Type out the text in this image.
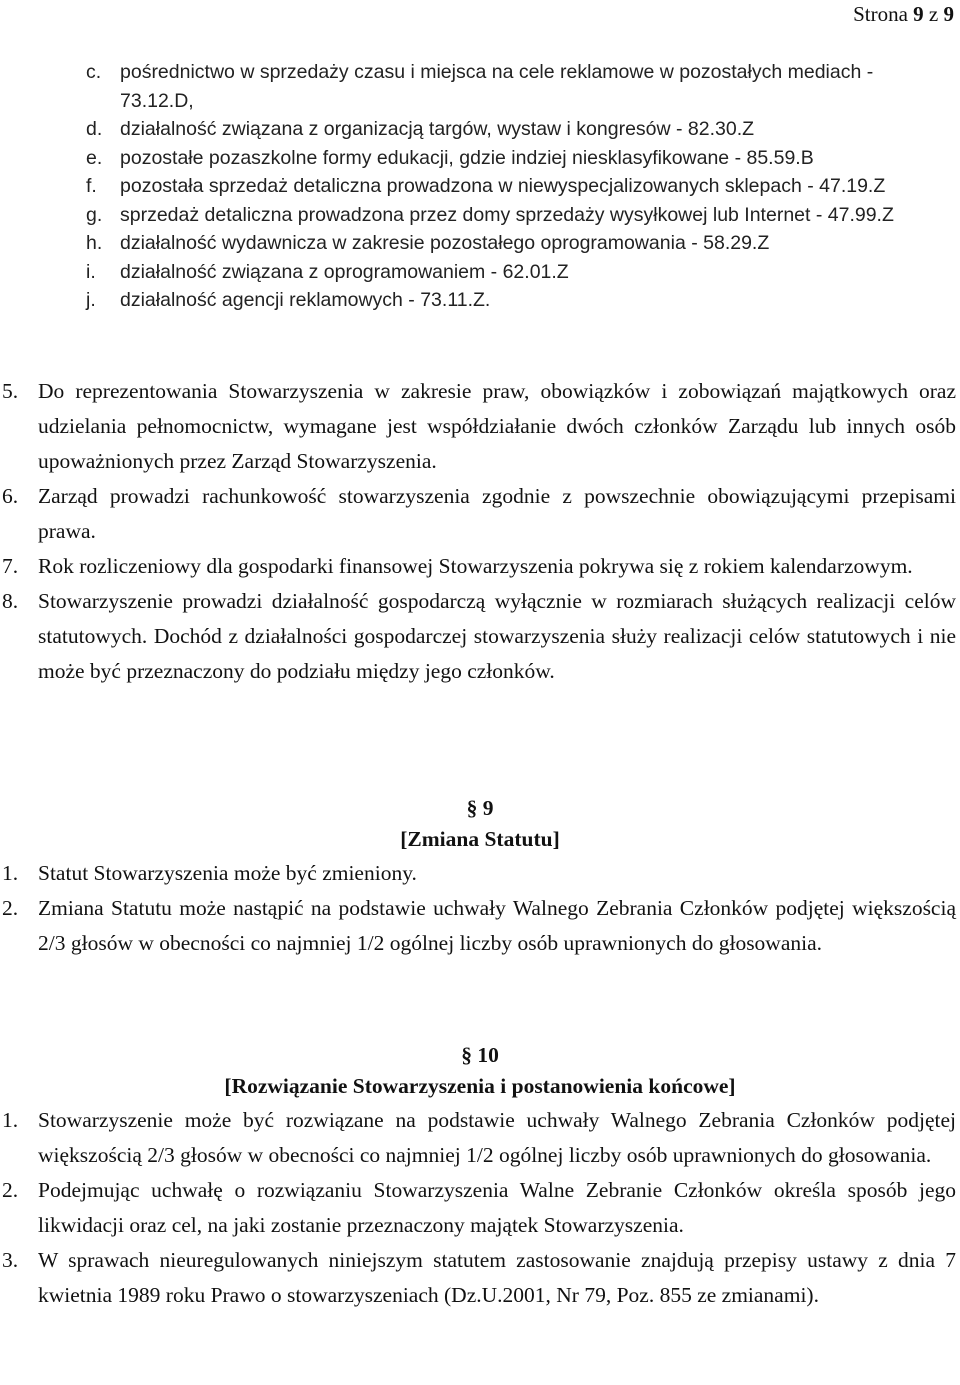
Strona 9 z 9

c. pośrednictwo w sprzedaży czasu i miejsca na cele reklamowe w pozostałych mediach - 73.12.D,

d. działalność związana z organizacją targów, wystaw i kongresów - 82.30.Z

e. pozostałe pozaszkolne formy edukacji, gdzie indziej niesklasyfikowane - 85.59.B

f. pozostała sprzedaż detaliczna prowadzona w niewyspecjalizowanych sklepach - 47.19.Z

g. sprzedaż detaliczna prowadzona przez domy sprzedaży wysyłkowej lub Internet - 47.99.Z

h. działalność wydawnicza w zakresie pozostałego oprogramowania - 58.29.Z

i. działalność związana z oprogramowaniem - 62.01.Z

j. działalność agencji reklamowych - 73.11.Z.

5. Do reprezentowania Stowarzyszenia w zakresie praw, obowiązków i zobowiązań majątkowych oraz udzielania pełnomocnictw, wymagane jest współdziałanie dwóch członków Zarządu lub innych osób upoważnionych przez Zarząd Stowarzyszenia.

6. Zarząd prowadzi rachunkowość stowarzyszenia zgodnie z powszechnie obowiązującymi przepisami prawa.

7. Rok rozliczeniowy dla gospodarki finansowej Stowarzyszenia pokrywa się z rokiem kalendarzowym.

8. Stowarzyszenie prowadzi działalność gospodarczą wyłącznie w rozmiarach służących realizacji celów statutowych. Dochód z działalności gospodarczej stowarzyszenia służy realizacji celów statutowych i nie może być przeznaczony do podziału między jego członków.

§ 9

[Zmiana Statutu]

1. Statut Stowarzyszenia może być zmieniony.

2. Zmiana Statutu może nastąpić na podstawie uchwały Walnego Zebrania Członków podjętej większością 2/3 głosów w obecności co najmniej 1/2 ogólnej liczby osób uprawnionych do głosowania.

§ 10

[Rozwiązanie Stowarzyszenia i postanowienia końcowe]

1. Stowarzyszenie może być rozwiązane na podstawie uchwały Walnego Zebrania Członków podjętej większością 2/3 głosów w obecności co najmniej 1/2 ogólnej liczby osób uprawnionych do głosowania.

2. Podejmując uchwałę o rozwiązaniu Stowarzyszenia Walne Zebranie Członków określa sposób jego likwidacji oraz cel, na jaki zostanie przeznaczony majątek Stowarzyszenia.

3. W sprawach nieuregulowanych niniejszym statutem zastosowanie znajdują przepisy ustawy z dnia 7 kwietnia 1989 roku Prawo o stowarzyszeniach (Dz.U.2001, Nr 79, Poz. 855 ze zmianami).
